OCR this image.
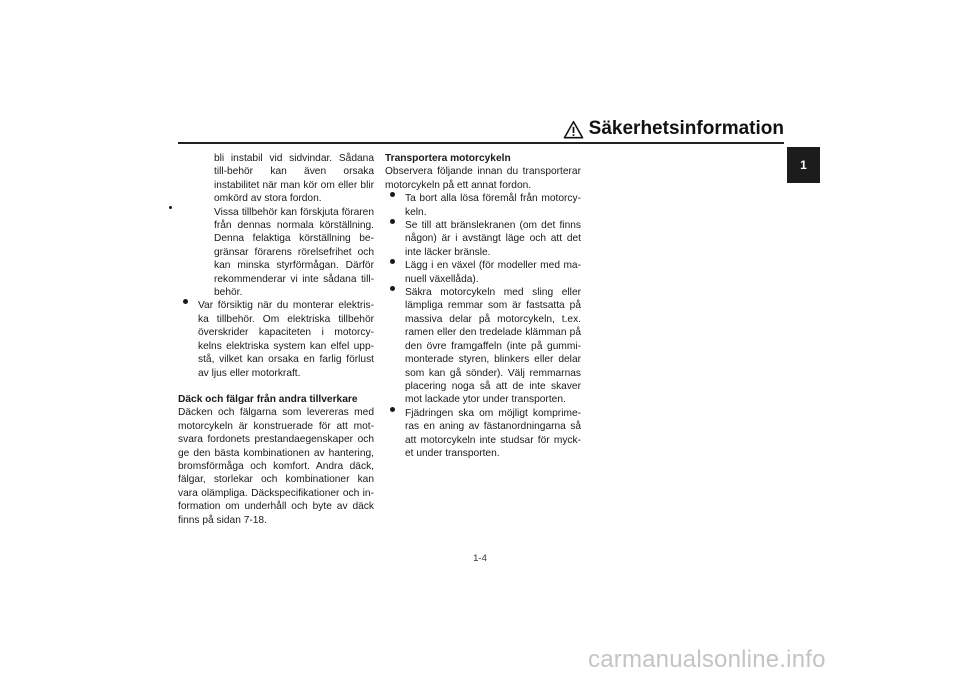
Säkerhetsinformation
1

bli instabil vid sidvindar. Sådana till-behör kan även orsaka instabilitet när man kör om eller blir omkörd av stora fordon.

Vissa tillbehör kan förskjuta föraren från dennas normala körställning. Denna felaktiga körställning be-gränsar förarens rörelsefrihet och kan minska styrförmågan. Därför rekommenderar vi inte sådana till-behör.

Var försiktig när du monterar elektris-ka tillbehör. Om elektriska tillbehör överskrider kapaciteten i motorcy-kelns elektriska system kan elfel upp-stå, vilket kan orsaka en farlig förlust av ljus eller motorkraft.

Däck och fälgar från andra tillverkare

Däcken och fälgarna som levereras med motorcykeln är konstruerade för att mot-svara fordonets prestandaegenskaper och ge den bästa kombinationen av hantering, bromsförmåga och komfort. Andra däck, fälgar, storlekar och kombinationer kan vara olämpliga. Däckspecifikationer och in-formation om underhåll och byte av däck finns på sidan 7-18.

Transportera motorcykeln

Observera följande innan du transporterar motorcykeln på ett annat fordon.

Ta bort alla lösa föremål från motorcy-keln.

Se till att bränslekranen (om det finns någon) är i avstängt läge och att det inte läcker bränsle.

Lägg i en växel (för modeller med ma-nuell växellåda).

Säkra motorcykeln med sling eller lämpliga remmar som är fastsatta på massiva delar på motorcykeln, t.ex. ramen eller den tredelade klämman på den övre framgaffeln (inte på gummi-monterade styren, blinkers eller delar som kan gå sönder). Välj remmarnas placering noga så att de inte skaver mot lackade ytor under transporten.

Fjädringen ska om möjligt komprime-ras en aning av fästanordningarna så att motorcykeln inte studsar för myck-et under transporten.

1-4
carmanualsonline.info
